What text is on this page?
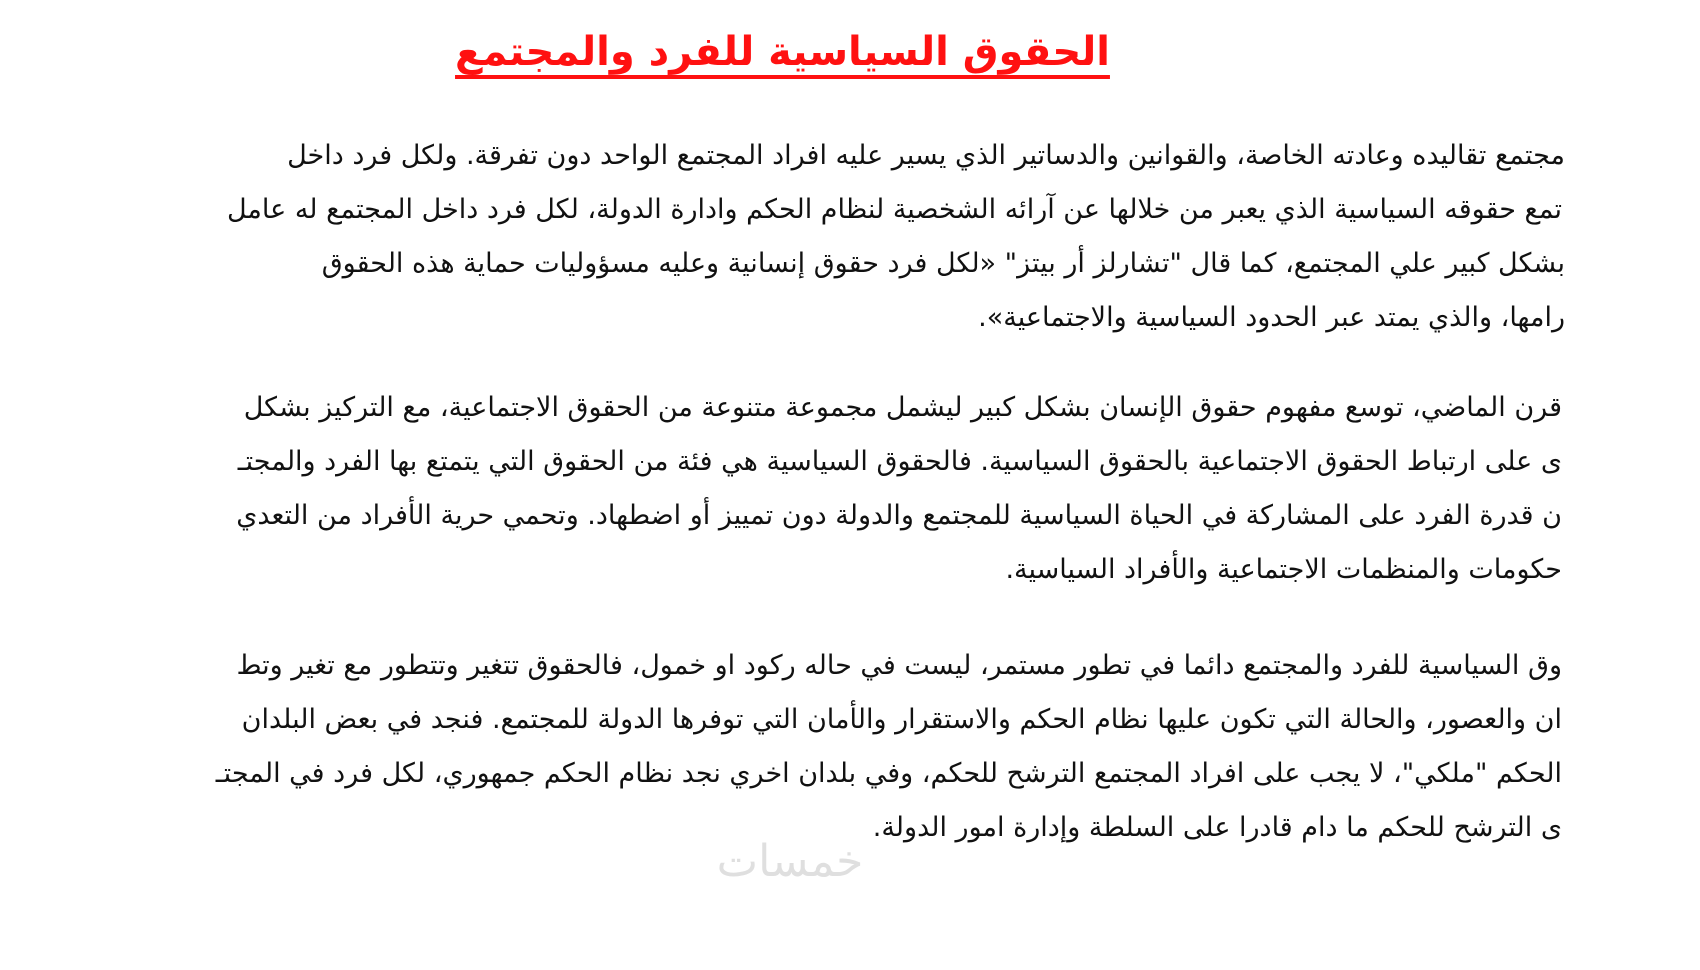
الحقوق السياسية للفرد والمجتمع
مجتمع تقاليده وعادته الخاصة، والقوانين والدساتير الذي يسير عليه افراد المجتمع الواحد دون تفرقة. ولكل فرد داخل
تمع حقوقه السياسية الذي يعبر من خلالها عن آرائه الشخصية لنظام الحكم وادارة الدولة، لكل فرد داخل المجتمع له عامل
بشكل كبير علي المجتمع، كما قال "تشارلز أر بيتز" «لكل فرد حقوق إنسانية وعليه مسؤوليات حماية هذه الحقوق
رامها، والذي يمتد عبر الحدود السياسية والاجتماعية».
قرن الماضي، توسع مفهوم حقوق الإنسان بشكل كبير ليشمل مجموعة متنوعة من الحقوق الاجتماعية، مع التركيز بشكل
ى على ارتباط الحقوق الاجتماعية بالحقوق السياسية. فالحقوق السياسية هي فئة من الحقوق التي يتمتع بها الفرد والمجتـ
ن قدرة الفرد على المشاركة في الحياة السياسية للمجتمع والدولة دون تمييز أو اضطهاد. وتحمي حرية الأفراد من التعدي
حكومات والمنظمات الاجتماعية والأفراد السياسية.
وق السياسية للفرد والمجتمع دائما في تطور مستمر، ليست في حاله ركود او خمول، فالحقوق تتغير وتتطور مع تغير وتط
ان والعصور، والحالة التي تكون عليها نظام الحكم والاستقرار والأمان التي توفرها الدولة للمجتمع. فنجد في بعض البلدان
الحكم "ملكي"، لا يجب على افراد المجتمع الترشح للحكم، وفي بلدان اخري نجد نظام الحكم جمهوري، لكل فرد في المجتـ
ى الترشح للحكم ما دام قادرا على السلطة وإدارة امور الدولة.
خمسات
